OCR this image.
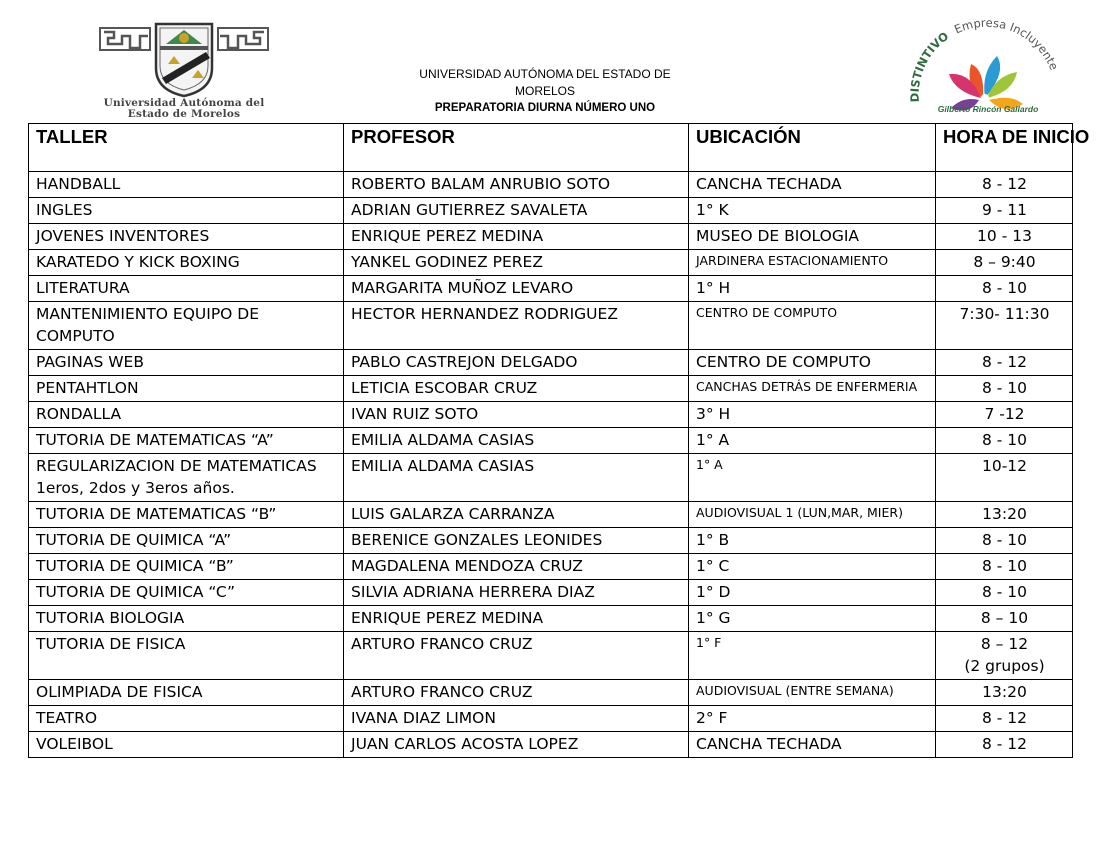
Universidad Autónoma del
Estado de Morelos
UNIVERSIDAD AUTÓNOMA DEL ESTADO DE
MORELOS
PREPARATORIA DIURNA NÚMERO UNO
DISTINTIVO Empresa Incluyente
Gilberto Rincón Gallardo
TALLER	PROFESOR	UBICACIÓN	HORA DE INICIO
HANDBALL	ROBERTO BALAM ANRUBIO SOTO	CANCHA TECHADA	8 - 12
INGLES	ADRIAN GUTIERREZ SAVALETA	1° K	9 - 11
JOVENES INVENTORES	ENRIQUE PEREZ MEDINA	MUSEO DE BIOLOGIA	10 - 13
KARATEDO Y KICK BOXING	YANKEL GODINEZ PEREZ	JARDINERA ESTACIONAMIENTO	8 – 9:40
LITERATURA	MARGARITA MUÑOZ LEVARO	1° H	8 - 10
MANTENIMIENTO EQUIPO DE COMPUTO	HECTOR HERNANDEZ RODRIGUEZ	CENTRO DE COMPUTO	7:30- 11:30
PAGINAS WEB	PABLO CASTREJON DELGADO	CENTRO DE COMPUTO	8 - 12
PENTAHTLON	LETICIA ESCOBAR CRUZ	CANCHAS DETRÁS DE ENFERMERIA	8 - 10
RONDALLA	IVAN RUIZ SOTO	3° H	7 -12
TUTORIA DE MATEMATICAS “A”	EMILIA ALDAMA CASIAS	1° A	8 - 10
REGULARIZACION DE MATEMATICAS 1eros, 2dos y 3eros años.	EMILIA ALDAMA CASIAS	1° A	10-12
TUTORIA DE MATEMATICAS “B”	LUIS GALARZA CARRANZA	AUDIOVISUAL 1 (LUN,MAR, MIER)	13:20
TUTORIA DE QUIMICA “A”	BERENICE GONZALES LEONIDES	1° B	8 - 10
TUTORIA DE QUIMICA “B”	MAGDALENA MENDOZA CRUZ	1° C	8 - 10
TUTORIA DE QUIMICA “C”	SILVIA ADRIANA HERRERA DIAZ	1° D	8 - 10
TUTORIA BIOLOGIA	ENRIQUE PEREZ MEDINA	1° G	8 – 10
TUTORIA DE FISICA	ARTURO FRANCO CRUZ	1° F	8 – 12
(2 grupos)

OLIMPIADA DE FISICA	ARTURO FRANCO CRUZ	AUDIOVISUAL (ENTRE SEMANA)	13:20
TEATRO	IVANA DIAZ LIMON	2° F	8 - 12
VOLEIBOL	JUAN CARLOS ACOSTA LOPEZ	CANCHA TECHADA	8 - 12
